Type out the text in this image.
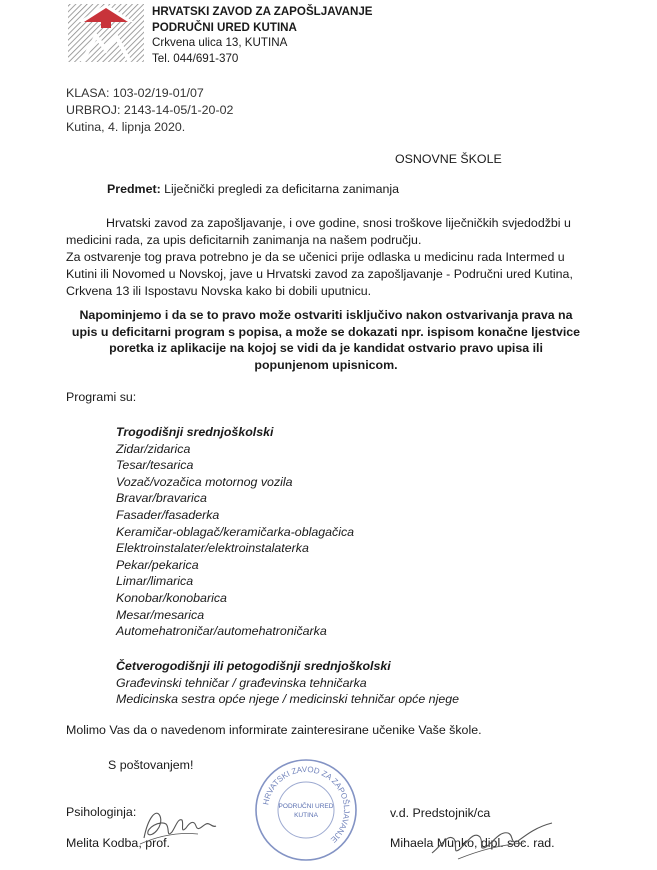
HRVATSKI ZAVOD ZA ZAPOŠLJAVANJE
PODRUČNI URED KUTINA
Crkvena ulica 13, KUTINA
Tel. 044/691-370
KLASA: 103-02/19-01/07
URBROJ: 2143-14-05/1-20-02
Kutina, 4. lipnja 2020.
OSNOVNE ŠKOLE
Predmet: Liječnički pregledi za deficitarna zanimanja
Hrvatski zavod za zapošljavanje, i ove godine, snosi troškove liječničkih svjedodžbi u
medicini rada, za upis deficitarnih zanimanja na našem području.
Za ostvarenje tog prava potrebno je da se učenici prije odlaska u medicinu rada Intermed u
Kutini ili Novomed u Novskoj, jave u Hrvatski zavod za zapošljavanje - Područni ured Kutina,
Crkvena 13 ili Ispostavu Novska kako bi dobili uputnicu.
Napominjemo i da se to pravo može ostvariti isključivo nakon ostvarivanja prava na
upis u deficitarni program s popisa, a može se dokazati npr. ispisom konačne ljestvice
poretka iz aplikacije na kojoj se vidi da je kandidat ostvario pravo upisa ili
popunjenom upisnicom.
Programi su:
Trogodišnji srednjoškolski
Zidar/zidarica
Tesar/tesarica
Vozač/vozačica motornog vozila
Bravar/bravarica
Fasader/fasaderka
Keramičar-oblagač/keramičarka-oblagačica
Elektroinstalater/elektroinstalaterka
Pekar/pekarica
Limar/limarica
Konobar/konobarica
Mesar/mesarica
Automehatroničar/automehatroničarka
Četverogodišnji ili petogodišnji srednjoškolski
Građevinski tehničar / građevinska tehničarka
Medicinska sestra opće njege / medicinski tehničar opće njege
Molimo Vas da o navedenom informirate zainteresirane učenike Vaše škole.
S poštovanjem!
HRVATSKI ZAVOD ZA ZAPOŠLJAVANJE
PODRUČNI URED
KUTINA
Psihologinja:
Melita Kodba, prof.
v.d. Predstojnik/ca
Mihaela Munko, dipl. soc. rad.
